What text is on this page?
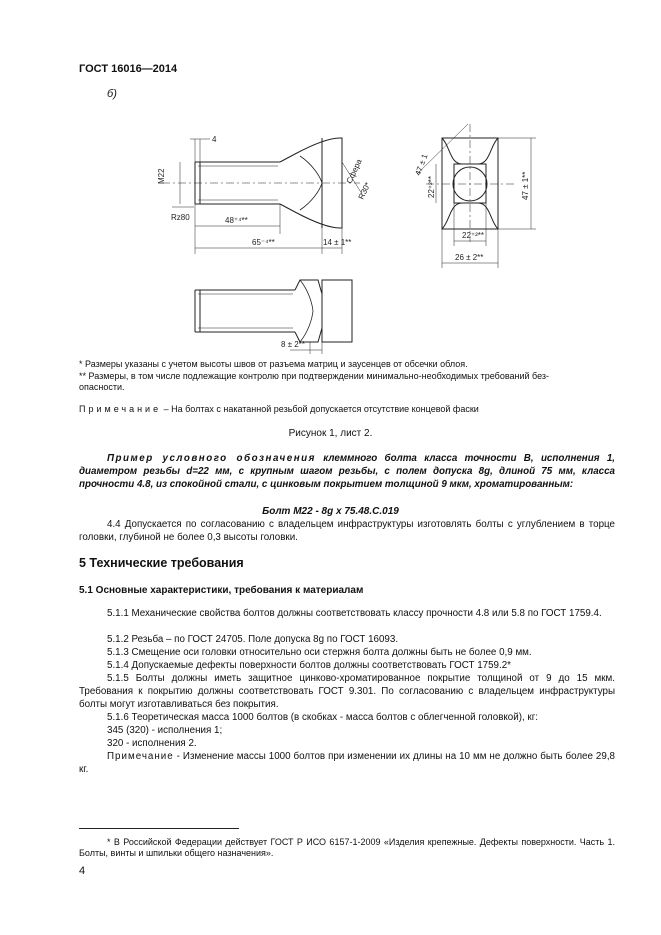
ГОСТ 16016—2014
б)
М22
Rz80
4
48⁺⁴**
65⁻⁴**	14 ± 1**
Сфера
R30*
47 ± 1
22⁺²**
22⁺²**
26 ± 2**
47 ± 1**
8 ± 2**
* Размеры указаны с учетом высоты швов от разъема матриц и заусенцев от обсечки облоя.
** Размеры, в том числе подлежащие контролю при подтверждении минимально-необходимых требований без-
опасности.
Примечание – На болтах с накатанной резьбой допускается отсутствие концевой фаски
Рисунок 1, лист 2.
Пример условного обозначения клеммного болта класса точности B, исполнения 1, диаметром резьбы d=22 мм, с крупным шагом резьбы, с полем допуска 8g, длиной 75 мм, класса прочности 4.8, из спокойной стали, с цинковым покрытием толщиной 9 мкм, хроматированным:
Болт М22 - 8g x 75.48.С.019
4.4 Допускается по согласованию с владельцем инфраструктуры изготовлять болты с углублением в торце головки, глубиной не более 0,3 высоты головки.
5 Технические требования
5.1 Основные характеристики, требования к материалам
5.1.1 Механические свойства болтов должны соответствовать классу прочности 4.8 или 5.8 по ГОСТ 1759.4.
5.1.2 Резьба – по ГОСТ 24705. Поле допуска 8g по ГОСТ 16093.
5.1.3 Смещение оси головки относительно оси стержня болта должны быть не более 0,9 мм.
5.1.4 Допускаемые дефекты поверхности болтов должны соответствовать ГОСТ 1759.2*
5.1.5 Болты должны иметь защитное цинково-хроматированное покрытие толщиной от 9 до 15 мкм. Требования к покрытию должны соответствовать ГОСТ 9.301. По согласованию с владельцем инфраструктуры болты могут изготавливаться без покрытия.
5.1.6 Теоретическая масса 1000 болтов (в скобках - масса болтов с облегченной головкой), кг:
345 (320) - исполнения 1;
320 - исполнения 2.
Примечание - Изменение массы 1000 болтов при изменении их длины на 10 мм не должно быть более 29,8 кг.
* В Российской Федерации действует ГОСТ Р ИСО 6157-1-2009 «Изделия крепежные. Дефекты поверхности. Часть 1. Болты, винты и шпильки общего назначения».
4
